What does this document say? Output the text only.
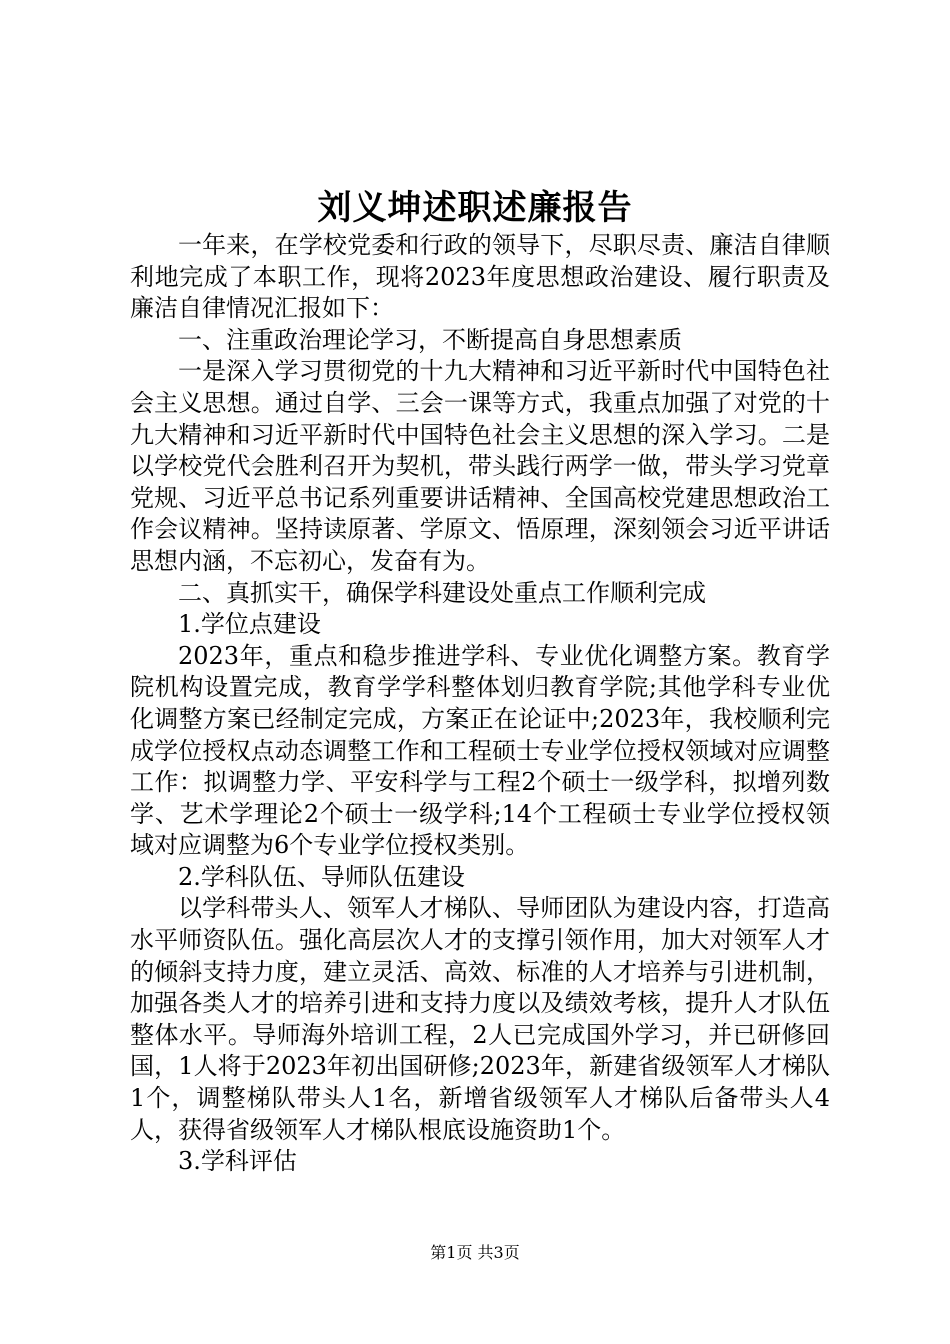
刘义坤述职述廉报告

一年来，在学校党委和行政的领导下，尽职尽责、廉洁自律顺利地完成了本职工作，现将2023年度思想政治建设、履行职责及廉洁自律情况汇报如下：

一、注重政治理论学习，不断提高自身思想素质

一是深入学习贯彻党的十九大精神和习近平新时代中国特色社会主义思想。通过自学、三会一课等方式，我重点加强了对党的十九大精神和习近平新时代中国特色社会主义思想的深入学习。二是以学校党代会胜利召开为契机，带头践行两学一做，带头学习党章党规、习近平总书记系列重要讲话精神、全国高校党建思想政治工作会议精神。坚持读原著、学原文、悟原理，深刻领会习近平讲话思想内涵，不忘初心，发奋有为。

二、真抓实干，确保学科建设处重点工作顺利完成

1.学位点建设

2023年，重点和稳步推进学科、专业优化调整方案。教育学院机构设置完成，教育学学科整体划归教育学院;其他学科专业优化调整方案已经制定完成，方案正在论证中;2023年，我校顺利完成学位授权点动态调整工作和工程硕士专业学位授权领域对应调整工作：拟调整力学、平安科学与工程2个硕士一级学科，拟增列数学、艺术学理论2个硕士一级学科;14个工程硕士专业学位授权领域对应调整为6个专业学位授权类别。

2.学科队伍、导师队伍建设

以学科带头人、领军人才梯队、导师团队为建设内容，打造高水平师资队伍。强化高层次人才的支撑引领作用，加大对领军人才的倾斜支持力度，建立灵活、高效、标准的人才培养与引进机制，加强各类人才的培养引进和支持力度以及绩效考核，提升人才队伍整体水平。导师海外培训工程，2人已完成国外学习，并已研修回国，1人将于2023年初出国研修;2023年，新建省级领军人才梯队1个，调整梯队带头人1名，新增省级领军人才梯队后备带头人4人，获得省级领军人才梯队根底设施资助1个。

3.学科评估

第1页 共3页
